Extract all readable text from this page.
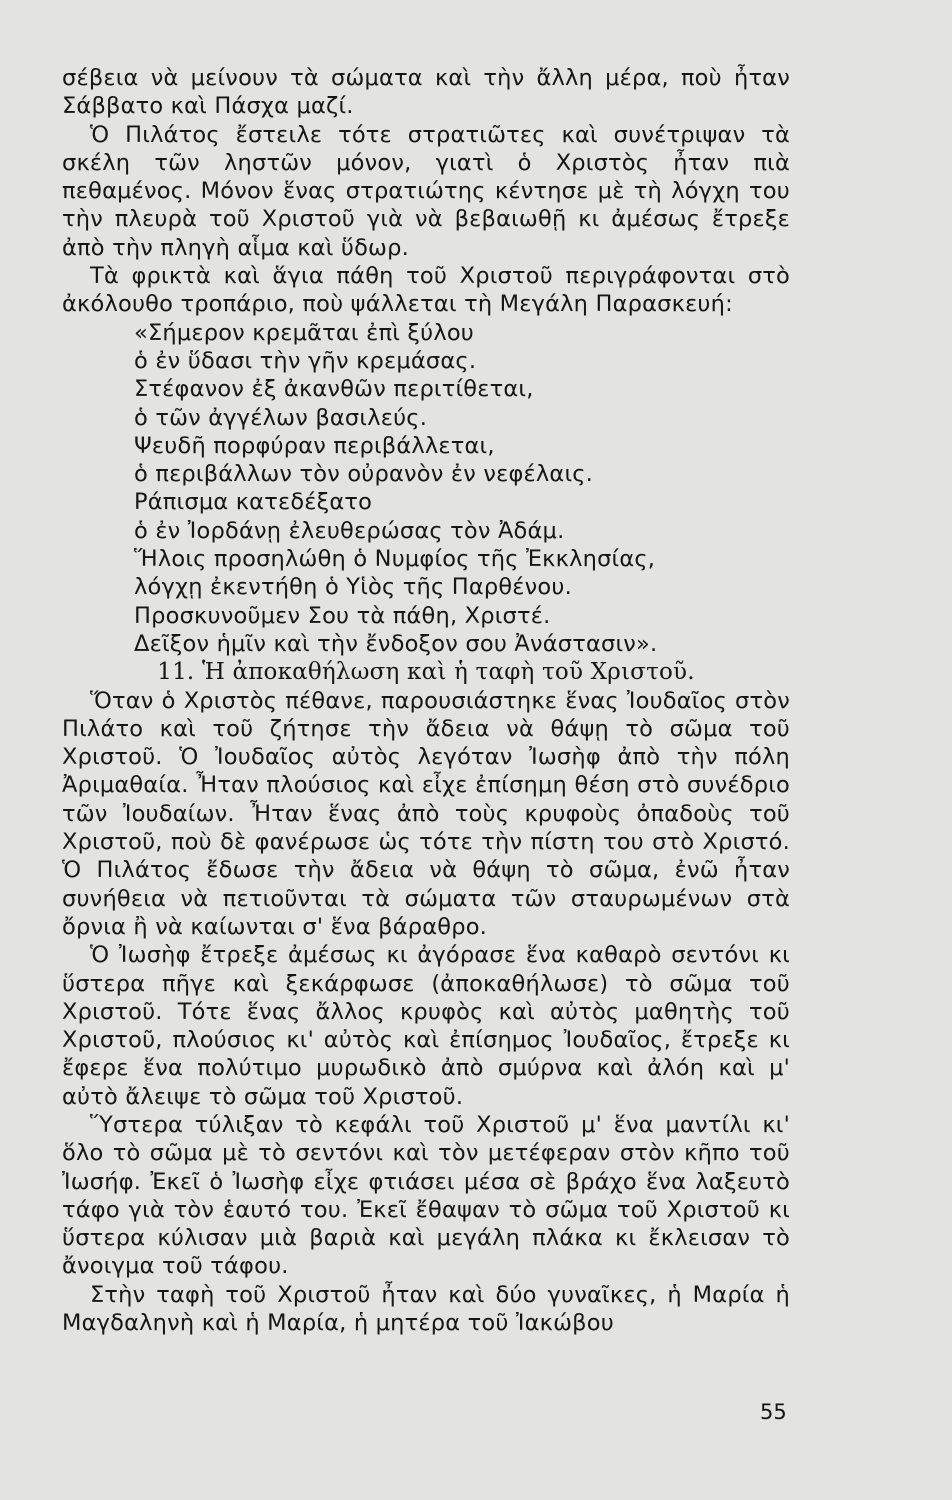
σέβεια νὰ μείνουν τὰ σώματα καὶ τὴν ἄλλη μέρα, ποὺ ἦταν Σάββατο καὶ Πάσχα μαζί.

Ὁ Πιλάτος ἔστειλε τότε στρατιῶτες καὶ συνέτριψαν τὰ σκέλη τῶν ληστῶν μόνον, γιατὶ ὁ Χριστὸς ἦταν πιὰ πεθαμένος. Μόνον ἕνας στρατιώτης κέντησε μὲ τὴ λόγχη του τὴν πλευρὰ τοῦ Χριστοῦ γιὰ νὰ βεβαιωθῇ κι ἀμέσως ἔτρεξε ἀπὸ τὴν πληγὴ αἷμα καὶ ὕδωρ.

Τὰ φρικτὰ καὶ ἅγια πάθη τοῦ Χριστοῦ περιγράφονται στὸ ἀκόλουθο τροπάριο, ποὺ ψάλλεται τὴ Μεγάλη Παρασκευή:

«Σήμερον κρεμᾶται ἐπὶ ξύλου
ὁ ἐν ὕδασι τὴν γῆν κρεμάσας.
Στέφανον ἐξ ἀκανθῶν περιτίθεται,
ὁ τῶν ἀγγέλων βασιλεύς.
Ψευδῆ πορφύραν περιβάλλεται,
ὁ περιβάλλων τὸν οὐρανὸν ἐν νεφέλαις.
Ράπισμα κατεδέξατο
ὁ ἐν Ἰορδάνῃ ἐλευθερώσας τὸν Ἀδάμ.
Ἥλοις προσηλώθη ὁ Νυμφίος τῆς Ἐκκλησίας,
λόγχῃ ἐκεντήθη ὁ Υἱὸς τῆς Παρθένου.
Προσκυνοῦμεν Σου τὰ πάθη, Χριστέ.
Δεῖξον ἡμῖν καὶ τὴν ἔνδοξον σου Ἀνάστασιν».

11. Ἡ ἀποκαθήλωση καὶ ἡ ταφὴ τοῦ Χριστοῦ.

Ὅταν ὁ Χριστὸς πέθανε, παρουσιάστηκε ἕνας Ἰουδαῖος στὸν Πιλάτο καὶ τοῦ ζήτησε τὴν ἄδεια νὰ θάψῃ τὸ σῶμα τοῦ Χριστοῦ. Ὁ Ἰουδαῖος αὐτὸς λεγόταν Ἰωσὴφ ἀπὸ τὴν πόλη Ἀριμαθαία. Ἦταν πλούσιος καὶ εἶχε ἐπίσημη θέση στὸ συνέδριο τῶν Ἰουδαίων. Ἦταν ἕνας ἀπὸ τοὺς κρυφοὺς ὀπαδοὺς τοῦ Χριστοῦ, ποὺ δὲ φανέρωσε ὡς τότε τὴν πίστη του στὸ Χριστό. Ὁ Πιλάτος ἔδωσε τὴν ἄδεια νὰ θάψη τὸ σῶμα, ἐνῶ ἦταν συνήθεια νὰ πετιοῦνται τὰ σώματα τῶν σταυρωμένων στὰ ὄρνια ἢ νὰ καίωνται σ' ἕνα βάραθρο.

Ὁ Ἰωσὴφ ἔτρεξε ἀμέσως κι ἀγόρασε ἕνα καθαρὸ σεντόνι κι ὕστερα πῆγε καὶ ξεκάρφωσε (ἀποκαθήλωσε) τὸ σῶμα τοῦ Χριστοῦ. Τότε ἕνας ἄλλος κρυφὸς καὶ αὐτὸς μαθητὴς τοῦ Χριστοῦ, πλούσιος κι' αὐτὸς καὶ ἐπίσημος Ἰουδαῖος, ἔτρεξε κι ἔφερε ἕνα πολύτιμο μυρωδικὸ ἀπὸ σμύρνα καὶ ἀλόη καὶ μ' αὐτὸ ἄλειψε τὸ σῶμα τοῦ Χριστοῦ.

Ὕστερα τύλιξαν τὸ κεφάλι τοῦ Χριστοῦ μ' ἕνα μαντίλι κι' ὅλο τὸ σῶμα μὲ τὸ σεντόνι καὶ τὸν μετέφεραν στὸν κῆπο τοῦ Ἰωσήφ. Ἐκεῖ ὁ Ἰωσὴφ εἶχε φτιάσει μέσα σὲ βράχο ἕνα λαξευτὸ τάφο γιὰ τὸν ἑαυτό του. Ἐκεῖ ἔθαψαν τὸ σῶμα τοῦ Χριστοῦ κι ὕστερα κύλισαν μιὰ βαριὰ καὶ μεγάλη πλάκα κι ἔκλεισαν τὸ ἄνοιγμα τοῦ τάφου.

Στὴν ταφὴ τοῦ Χριστοῦ ἦταν καὶ δύο γυναῖκες, ἡ Μαρία ἡ Μαγδαληνὴ καὶ ἡ Μαρία, ἡ μητέρα τοῦ Ἰακώβου

55
